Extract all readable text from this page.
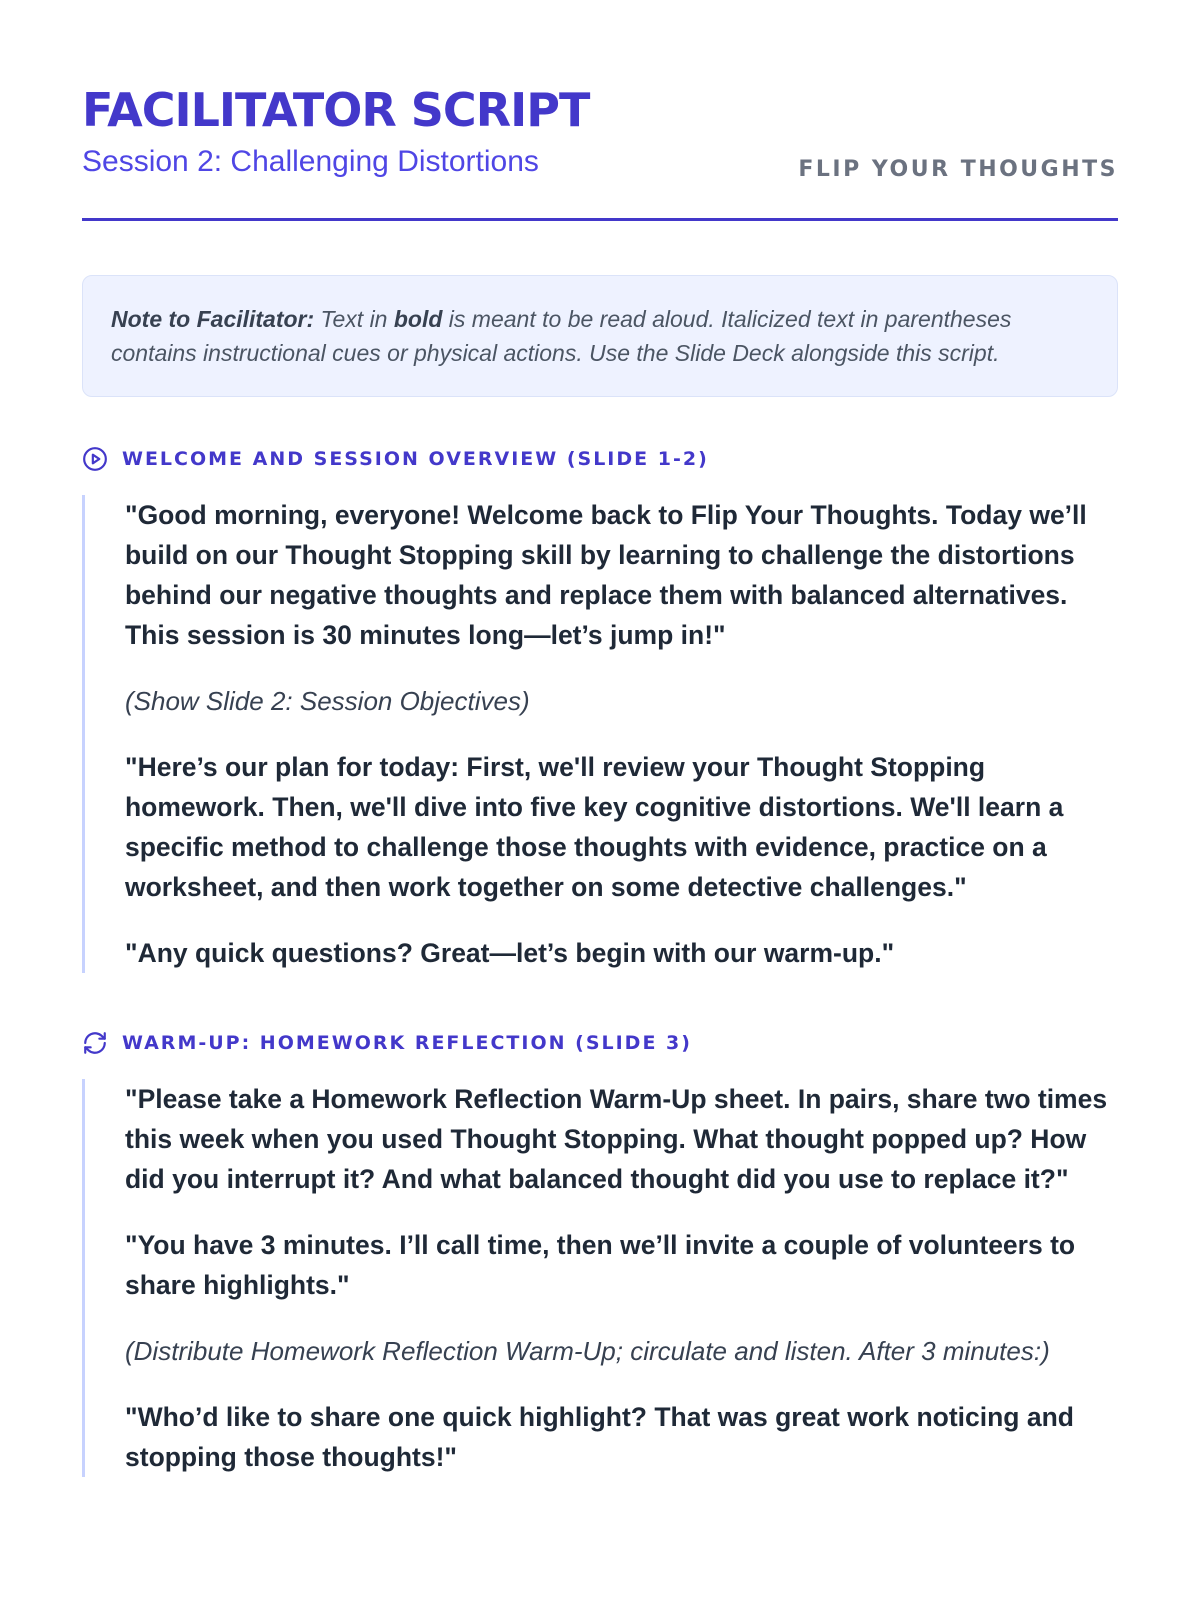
FACILITATOR SCRIPT
Session 2: Challenging Distortions	FLIP YOUR THOUGHTS
Note to Facilitator: Text in bold is meant to be read aloud. Italicized text in parentheses contains instructional cues or physical actions. Use the Slide Deck alongside this script.
WELCOME AND SESSION OVERVIEW (SLIDE 1-2)

"Good morning, everyone! Welcome back to Flip Your Thoughts. Today we’ll build on our Thought Stopping skill by learning to challenge the distortions behind our negative thoughts and replace them with balanced alternatives. This session is 30 minutes long—let’s jump in!"

(Show Slide 2: Session Objectives)

"Here’s our plan for today: First, we'll review your Thought Stopping homework. Then, we'll dive into five key cognitive distortions. We'll learn a specific method to challenge those thoughts with evidence, practice on a worksheet, and then work together on some detective challenges."

"Any quick questions? Great—let’s begin with our warm-up."

WARM-UP: HOMEWORK REFLECTION (SLIDE 3)

"Please take a Homework Reflection Warm-Up sheet. In pairs, share two times this week when you used Thought Stopping. What thought popped up? How did you interrupt it? And what balanced thought did you use to replace it?"

"You have 3 minutes. I’ll call time, then we’ll invite a couple of volunteers to share highlights."

(Distribute Homework Reflection Warm-Up; circulate and listen. After 3 minutes:)

"Who’d like to share one quick highlight? That was great work noticing and stopping those thoughts!"
